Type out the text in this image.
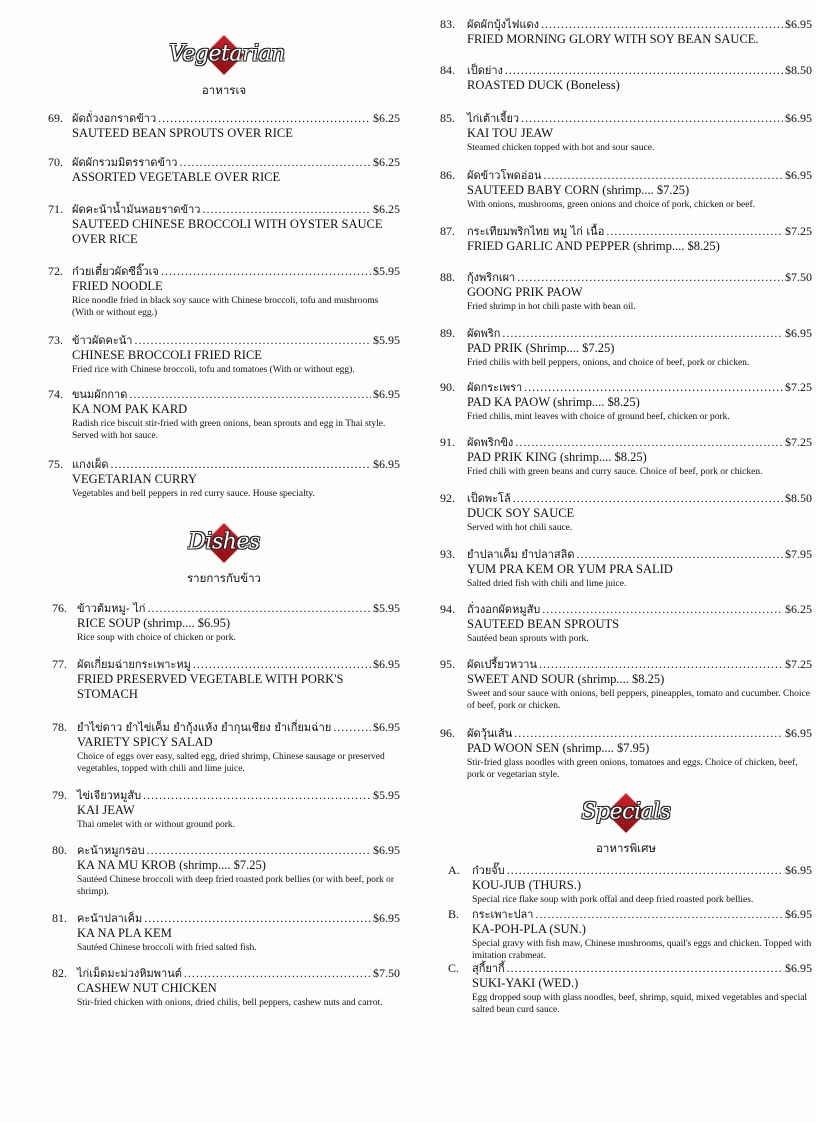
Vegetarian
อาหารเจ
69. ผัดถั่วงอกราดข้าว .....	$6.25
SAUTEED BEAN SPROUTS OVER RICE
70. ผัดผักรวมมิตรราดข้าว .....	$6.25
ASSORTED VEGETABLE OVER RICE
71. ผัดคะน้าน้ำมันหอยราดข้าว .....	$6.25
SAUTEED CHINESE BROCCOLI WITH OYSTER SAUCE OVER RICE
72. ก๋วยเตี๋ยวผัดซีอิ๊วเจ .....	$5.95
FRIED NOODLE
Rice noodle fried in black soy sauce with Chinese broccoli, tofu and mushrooms (With or without egg.)
73. ข้าวผัดคะน้า .....	$5.95
CHINESE BROCCOLI FRIED RICE
Fried rice with Chinese broccoli, tofu and tomatoes (With or without egg).
74. ขนมผักกาด .....	$6.95
KA NOM PAK KARD
Radish rice biscuit stir-fried with green onions, bean sprouts and egg in Thai style. Served with hot sauce.
75. แกงเผ็ด .....	$6.95
VEGETARIAN CURRY
Vegetables and bell peppers in red curry sauce. House specialty.
Dishes
รายการกับข้าว
76. ข้าวต้มหมู- ไก่ .....	$5.95
RICE SOUP (shrimp.... $6.95)
Rice soup with choice of chicken or pork.
77. ผัดเกี่ยมฉ่ายกระเพาะหมู .....	$6.95
FRIED PRESERVED VEGETABLE WITH PORK'S STOMACH
78. ยำไข่ดาว ยำไข่เค็ม ยำกุ้งแห้ง ยำกุนเชียง ยำเกี่ยมฉ่าย .....	$6.95
VARIETY SPICY SALAD
Choice of eggs over easy, salted egg, dried shrimp, Chinese sausage or preserved vegetables, topped with chili and lime juice.
79. ไข่เจียวหมูสับ .....	$5.95
KAI JEAW
Thai omelet with or without ground pork.
80. คะน้าหมูกรอบ .....	$6.95
KA NA MU KROB (shrimp.... $7.25)
Sautéed Chinese broccoli with deep fried roasted pork bellies (or with beef, pork or shrimp).
81. คะน้าปลาเค็ม .....	$6.95
KA NA PLA KEM
Sautéed Chinese broccoli with fried salted fish.
82. ไก่เม็ดมะม่วงหิมพานต์ .....	$7.50
CASHEW NUT CHICKEN
Stir-fried chicken with onions, dried chilis, bell peppers, cashew nuts and carrot.
83. ผัดผักบุ้งไฟแดง .....	$6.95
FRIED MORNING GLORY WITH SOY BEAN SAUCE.
84. เป็ดย่าง .....	$8.50
ROASTED DUCK (Boneless)
85. ไก่เต้าเจี้ยว .....	$6.95
KAI TOU JEAW
Steamed chicken topped with hot and sour sauce.
86. ผัดข้าวโพดอ่อน .....	$6.95
SAUTEED BABY CORN (shrimp.... $7.25)
With onions, mushrooms, green onions and choice of pork, chicken or beef.
87. กระเทียมพริกไทย หมู ไก่ เนื้อ .....	$7.25
FRIED GARLIC AND PEPPER (shrimp.... $8.25)
88. กุ้งพริกเผา .....	$7.50
GOONG PRIK PAOW
Fried shrimp in hot chili paste with bean oil.
89. ผัดพริก .....	$6.95
PAD PRIK (Shrimp.... $7.25)
Fried chilis with bell peppers, onions, and choice of beef, pork or chicken.
90. ผัดกระเพรา .....	$7.25
PAD KA PAOW (shrimp.... $8.25)
Fried chilis, mint leaves with choice of ground beef, chicken or pork.
91. ผัดพริกขิง .....	$7.25
PAD PRIK KING (shrimp.... $8.25)
Fried chili with green beans and curry sauce. Choice of beef, pork or chicken.
92. เป็ดพะโล้ .....	$8.50
DUCK SOY SAUCE
Served with hot chili sauce.
93. ยำปลาเค็ม ยำปลาสลิด .....	$7.95
YUM PRA KEM OR YUM PRA SALID
Salted dried fish with chili and lime juice.
94. ถั่วงอกผัดหมูสับ .....	$6.25
SAUTEED BEAN SPROUTS
Sautéed bean sprouts with pork.
95. ผัดเปรี้ยวหวาน .....	$7.25
SWEET AND SOUR (shrimp.... $8.25)
Sweet and sour sauce with onions, bell peppers, pineapples, tomato and cucumber. Choice of beef, pork or chicken.
96. ผัดวุ้นเส้น .....	$6.95
PAD WOON SEN (shrimp.... $7.95)
Stir-fried glass noodles with green onions, tomatoes and eggs. Choice of chicken, beef, pork or vegetarian style.
Specials
อาหารพิเศษ
A. ก๋วยจั๊บ .....	$6.95
KOU-JUB (THURS.)
Special rice flake soup with pork offal and deep fried roasted pork bellies.
B. กระเพาะปลา .....	$6.95
KA-POH-PLA (SUN.)
Special gravy with fish maw, Chinese mushrooms, quail's eggs and chicken. Topped with imitation crabmeat.
C. สุกี้ยากี้ .....	$6.95
SUKI-YAKI (WED.)
Egg dropped soup with glass noodles, beef, shrimp, squid, mixed vegetables and special salted bean curd sauce.
